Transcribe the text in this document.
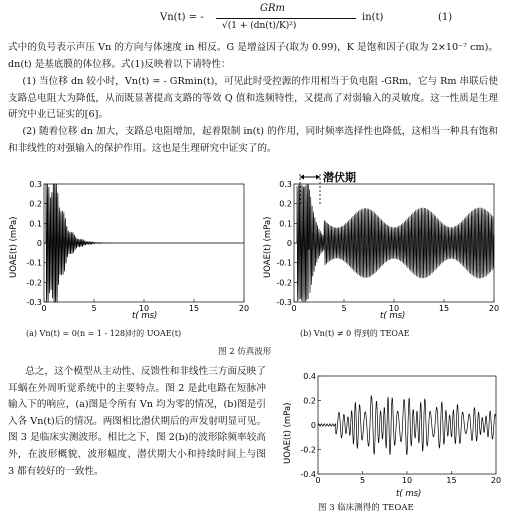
Vn(t) = -
GRm
√(1 + (dn(t)/K)²)
in(t)	(1)
式中的负号表示声压 Vn 的方向与体速度 in 相反。G 是增益因子(取为 0.99)，K 是饱和因子(取为 2×10⁻⁷ cm)。dn(t) 是基底膜的体位移。式(1)反映着以下请特性：
(1) 当位移 dn 较小时，Vn(t) = - GRmin(t)，可见此时受控源的作用相当于负电阻 -GRm，它与 Rm 串联后使支路总电阻大为降低，从而既显著提高支路的等效 Q 值和选频特性，又提高了对弱输入的灵敏度。这一性质是生理研究中业已证实的[6]。
(2) 随着位移 dn 加大，支路总电阻增加，起着限制 in(t) 的作用，同时频率选择性也降低，这相当一种具有饱和和非线性的对强输入的保护作用。这也是生理研究中证实了的。
UOAE(t) (mPa)
0	5	10	15	20
0.3
0.2
0.1
0
-0.1
-0.2
-0.3
t( ms)
UOAE(t) (mPa)
0	5	10	15	20
0.3
0.2
0.1
0
-0.1
-0.2
-0.3
潜伏期
t( ms)
(a) Vn(t) = 0(n = 1 - 128)时的 UOAE(t)	(b) Vn(t) ≠ 0 得到的 TEOAE
图 2 仿真波形
总之，这个模型从主动性、反馈性和非线性三方面反映了耳蜗在外周听觉系统中的主要特点。图 2 是此电路在短脉冲输入下的响应，(a)图是令所有 Vn 均为零的情况，(b)图是引入各 Vn(t)后的情况。两图相比潜伏期后的声发射明显可见。图 3 是临床实测波形。相比之下，图 2(b)的波形除频率较高外，在波形概貌、波形幅度、潜伏期大小和持续时间上与图 3 都有较好的一致性。
UOAE(t) (mPa)
0	5	10	15	20
0.4
0.2
0
-0.2
-0.4
t( ms)
图 3 临床测得的 TEOAE
